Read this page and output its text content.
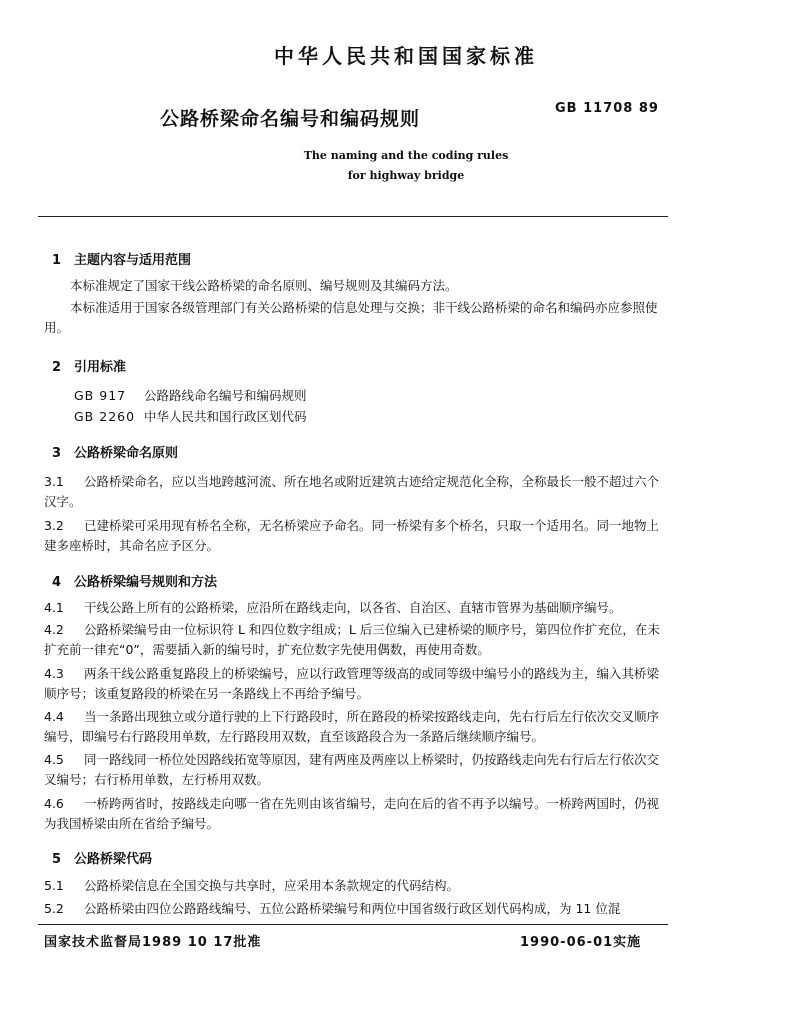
中华人民共和国国家标准
公路桥梁命名编号和编码规则	GB 11708 89
The naming and the coding rules
for highway bridge
1 主题内容与适用范围
本标准规定了国家干线公路桥梁的命名原则、编号规则及其编码方法。
本标准适用于国家各级管理部门有关公路桥梁的信息处理与交换；非干线公路桥梁的命名和编码亦应参照使用。
2 引用标准
GB 917 公路路线命名编号和编码规则
GB 2260 中华人民共和国行政区划代码
3 公路桥梁命名原则
3.1 公路桥梁命名，应以当地跨越河流、所在地名或附近建筑古迹给定规范化全称，全称最长一般不超过六个汉字。
3.2 已建桥梁可采用现有桥名全称，无名桥梁应予命名。同一桥梁有多个桥名，只取一个适用名。同一地物上建多座桥时，其命名应予区分。
4 公路桥梁编号规则和方法
4.1 干线公路上所有的公路桥梁，应沿所在路线走向，以各省、自治区、直辖市管界为基础顺序编号。
4.2 公路桥梁编号由一位标识符 L 和四位数字组成；L 后三位编入已建桥梁的顺序号，第四位作扩充位，在未扩充前一律充“0”，需要插入新的编号时，扩充位数字先使用偶数，再使用奇数。
4.3 两条干线公路重复路段上的桥梁编号，应以行政管理等级高的或同等级中编号小的路线为主，编入其桥梁顺序号；该重复路段的桥梁在另一条路线上不再给予编号。
4.4 当一条路出现独立或分道行驶的上下行路段时，所在路段的桥梁按路线走向，先右行后左行依次交叉顺序编号，即编号右行路段用单数，左行路段用双数，直至该路段合为一条路后继续顺序编号。
4.5 同一路线同一桥位处因路线拓宽等原因，建有两座及两座以上桥梁时，仍按路线走向先右行后左行依次交叉编号；右行桥用单数，左行桥用双数。
4.6 一桥跨两省时，按路线走向哪一省在先则由该省编号，走向在后的省不再予以编号。一桥跨两国时，仍视为我国桥梁由所在省给予编号。
5 公路桥梁代码
5.1 公路桥梁信息在全国交换与共享时，应采用本条款规定的代码结构。
5.2 公路桥梁由四位公路路线编号、五位公路桥梁编号和两位中国省级行政区划代码构成，为 11 位混
国家技术监督局1989 10 17批准	1990-06-01实施
